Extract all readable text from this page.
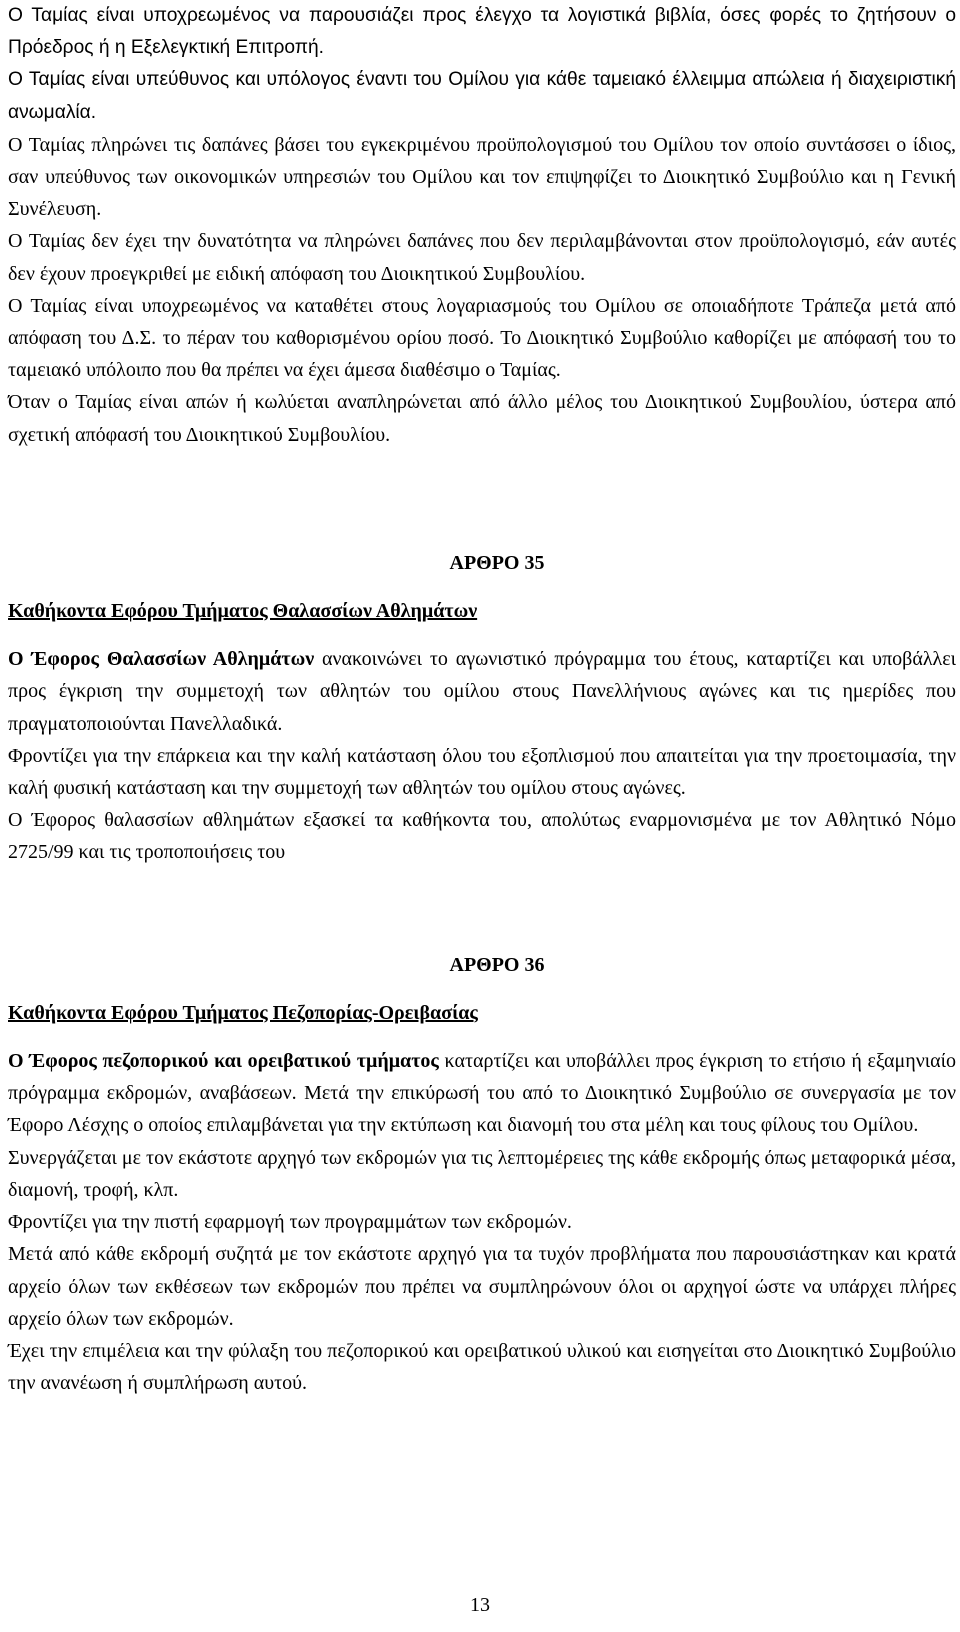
Ο Ταμίας είναι υποχρεωμένος να παρουσιάζει προς έλεγχο τα λογιστικά βιβλία, όσες φορές το ζητήσουν ο Πρόεδρος ή η Εξελεγκτική Επιτροπή.

Ο Ταμίας είναι υπεύθυνος και υπόλογος έναντι του Ομίλου για κάθε ταμειακό έλλειμμα απώλεια ή διαχειριστική ανωμαλία.

Ο Ταμίας πληρώνει τις δαπάνες βάσει του εγκεκριμένου προϋπολογισμού του Ομίλου τον οποίο συντάσσει ο ίδιος, σαν υπεύθυνος των οικονομικών υπηρεσιών του Ομίλου και τον επιψηφίζει το Διοικητικό Συμβούλιο και η Γενική Συνέλευση.

Ο Ταμίας δεν έχει την δυνατότητα να πληρώνει δαπάνες που δεν περιλαμβάνονται στον προϋπολογισμό, εάν αυτές δεν έχουν προεγκριθεί με ειδική απόφαση του Διοικητικού Συμβουλίου.

Ο Ταμίας είναι υποχρεωμένος να καταθέτει στους λογαριασμούς του Ομίλου σε οποιαδήποτε Τράπεζα μετά από απόφαση του Δ.Σ. το πέραν του καθορισμένου ορίου ποσό. Το Διοικητικό Συμβούλιο καθορίζει με απόφασή του το ταμειακό υπόλοιπο που θα πρέπει να έχει άμεσα διαθέσιμο ο Ταμίας.

Όταν ο Ταμίας είναι απών ή κωλύεται αναπληρώνεται από άλλο μέλος του Διοικητικού Συμβουλίου, ύστερα από σχετική απόφασή του Διοικητικού Συμβουλίου.

ΑΡΘΡΟ 35

Καθήκοντα Εφόρου Τμήματος Θαλασσίων Αθλημάτων

Ο Έφορος Θαλασσίων Αθλημάτων ανακοινώνει το αγωνιστικό πρόγραμμα του έτους, καταρτίζει και υποβάλλει προς έγκριση την συμμετοχή των αθλητών του ομίλου στους Πανελλήνιους αγώνες και τις ημερίδες που πραγματοποιούνται Πανελλαδικά.

Φροντίζει για την επάρκεια και την καλή κατάσταση όλου του εξοπλισμού που απαιτείται για την προετοιμασία, την καλή φυσική κατάσταση και την συμμετοχή των αθλητών του ομίλου στους αγώνες.

Ο Έφορος θαλασσίων αθλημάτων εξασκεί τα καθήκοντα του, απολύτως εναρμονισμένα με τον Αθλητικό Νόμο 2725/99 και τις τροποποιήσεις του

ΑΡΘΡΟ 36

Καθήκοντα Εφόρου Τμήματος Πεζοπορίας-Ορειβασίας

Ο Έφορος πεζοπορικού και ορειβατικού τμήματος καταρτίζει και υποβάλλει προς έγκριση το ετήσιο ή εξαμηνιαίο πρόγραμμα εκδρομών, αναβάσεων. Μετά την επικύρωσή του από το Διοικητικό Συμβούλιο σε συνεργασία με τον Έφορο Λέσχης ο οποίος επιλαμβάνεται για την εκτύπωση και διανομή του στα μέλη και τους φίλους του Ομίλου.

Συνεργάζεται με τον εκάστοτε αρχηγό των εκδρομών για τις λεπτομέρειες της κάθε εκδρομής όπως μεταφορικά μέσα, διαμονή, τροφή, κλπ.

Φροντίζει για την πιστή εφαρμογή των προγραμμάτων των εκδρομών.

Μετά από κάθε εκδρομή συζητά με τον εκάστοτε αρχηγό για τα τυχόν προβλήματα που παρουσιάστηκαν και κρατά αρχείο όλων των εκθέσεων των εκδρομών που πρέπει να συμπληρώνουν όλοι οι αρχηγοί ώστε να υπάρχει πλήρες αρχείο όλων των εκδρομών.

Έχει την επιμέλεια και την φύλαξη του πεζοπορικού και ορειβατικού υλικού και εισηγείται στο Διοικητικό Συμβούλιο την ανανέωση ή συμπλήρωση αυτού.

13
